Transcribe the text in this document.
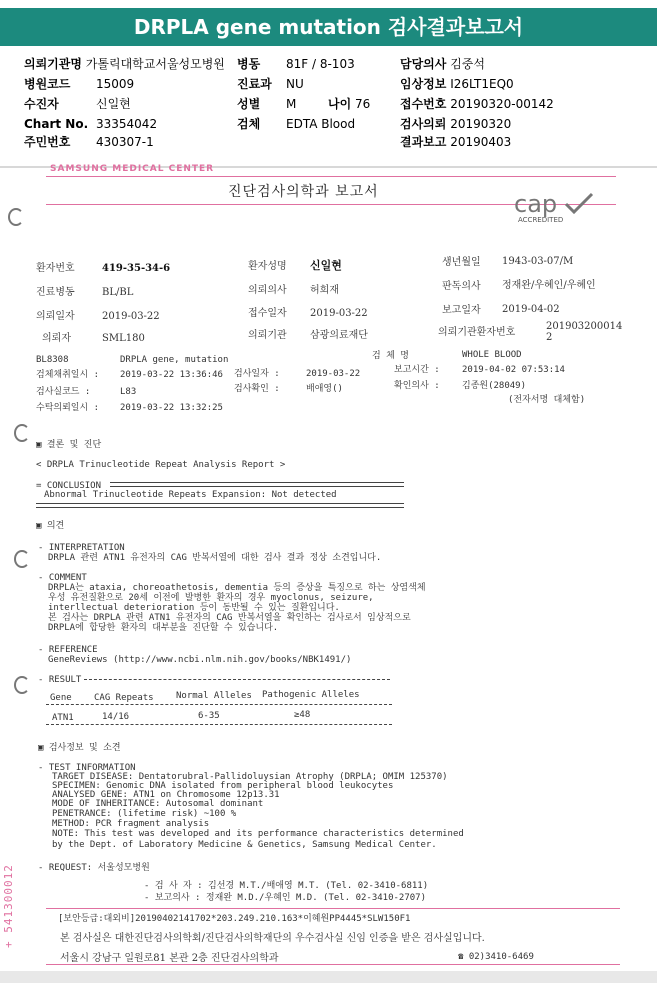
DRPLA gene mutation 검사결과보고서
의뢰기관명 가톨릭대학교서울성모병원 병동 81F / 8-103	담당의사 김중석
병원코드 15009	진료과 NU	임상정보 I26LT1EQ0
수진자	신일현	성별 M	나이 76 접수번호 20190320-00142
Chart No. 33354042	검체 EDTA Blood	검사의뢰 20190320
주민번호 430307-1	결과보고 20190403
SAMSUNG MEDICAL CENTER
진단검사의학과 보고서	cap
ACCREDITED
환자번호	419-35-34-6	환자성명 신일현	생년월일 1943-03-07/M
진료병동	BL/BL	의뢰의사 허희재	판독의사 정재완/우혜인/우혜인
의뢰일자	2019-03-22	접수일자 2019-03-22	보고일자 2019-04-02
의뢰자	SML180	의뢰기관 삼광의료재단	의뢰기관환자번호
201903200014
2
BL8308	DRPLA gene, mutation	검 체 명	WHOLE BLOOD
검체채취일시 : 2019-03-22 13:36:46 검사일자 :	2019-03-22	보고시간 : 2019-04-02 07:53:14
검사실코드 :	L83	검사확인 :	배애영()	확인의사 : 김종원(28049)
수탁의뢰일시 : 2019-03-22 13:32:25
(전자서명 대체함)
▣ 결론 및 진단
< DRPLA Trinucleotide Repeat Analysis Report >
= CONCLUSION
Abnormal Trinucleotide Repeats Expansion: Not detected
▣ 의견
- INTERPRETATION
DRPLA 관련 ATN1 유전자의 CAG 반복서열에 대한 검사 결과 정상 소견입니다.
- COMMENT
DRPLA는 ataxia, choreoathetosis, dementia 등의 증상을 특징으로 하는 상염색체
우성 유전질환으로 20세 이전에 발병한 환자의 경우 myoclonus, seizure,
interllectual deterioration 등이 동반될 수 있는 질환입니다.
본 검사는 DRPLA 관련 ATN1 유전자의 CAG 반복서열을 확인하는 검사로서 임상적으로
DRPLA에 합당한 환자의 대부분을 진단할 수 있습니다.
- REFERENCE
GeneReviews (http://www.ncbi.nlm.nih.gov/books/NBK1491/)
- RESULT
Gene CAG Repeats Normal Alleles Pathogenic Alleles
ATN1	14/16	6-35	≥48
▣ 검사정보 및 소견
- TEST INFORMATION
TARGET DISEASE: Dentatorubral-Pallidoluysian Atrophy (DRPLA; OMIM 125370)
SPECIMEN: Genomic DNA isolated from peripheral blood leukocytes
ANALYSED GENE: ATN1 on Chromosome 12p13.31
MODE OF INHERITANCE: Autosomal dominant
PENETRANCE: (lifetime risk) ~100 %
METHOD: PCR fragment analysis
NOTE: This test was developed and its performance characteristics determined
by the Dept. of Laboratory Medicine & Genetics, Samsung Medical Center.
- REQUEST: 서울성모병원
- 검 사 자 : 김선경 M.T./배애영 M.T. (Tel. 02-3410-6811)
- 보고의사 : 정재완 M.D./우혜인 M.D. (Tel. 02-3410-2707)
[보안등급:대외비]20190402141702*203.249.210.163*이혜원PP4445*SLW150F1
본 검사실은 대한진단검사의학회/진단검사의학재단의 우수검사실 신임 인증을 받은 검사실입니다.
서울시 강남구 일원로81 본관 2층 진단검사의학과	☎ 02)3410-6469
+ 541300012
